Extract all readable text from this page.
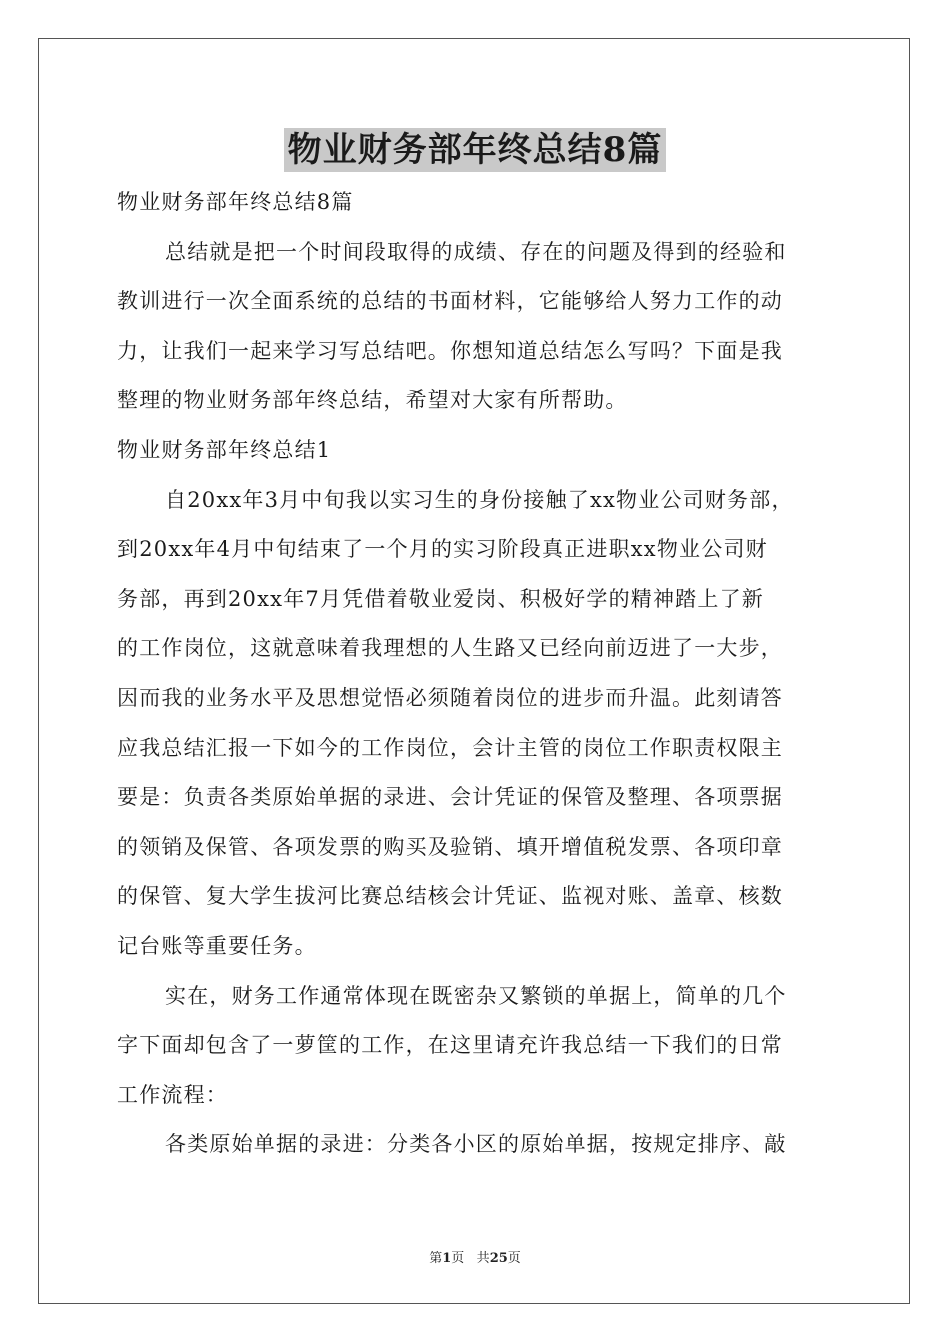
物业财务部年终总结8篇
物业财务部年终总结8篇
总结就是把一个时间段取得的成绩、存在的问题及得到的经验和
教训进行一次全面系统的总结的书面材料，它能够给人努力工作的动
力，让我们一起来学习写总结吧。你想知道总结怎么写吗？下面是我
整理的物业财务部年终总结，希望对大家有所帮助。
物业财务部年终总结1
自20xx年3月中旬我以实习生的身份接触了xx物业公司财务部，
到20xx年4月中旬结束了一个月的实习阶段真正进职xx物业公司财
务部，再到20xx年7月凭借着敬业爱岗、积极好学的精神踏上了新
的工作岗位，这就意味着我理想的人生路又已经向前迈进了一大步，
因而我的业务水平及思想觉悟必须随着岗位的进步而升温。此刻请答
应我总结汇报一下如今的工作岗位，会计主管的岗位工作职责权限主
要是：负责各类原始单据的录进、会计凭证的保管及整理、各项票据
的领销及保管、各项发票的购买及验销、填开增值税发票、各项印章
的保管、复大学生拔河比赛总结核会计凭证、监视对账、盖章、核数
记台账等重要任务。
实在，财务工作通常体现在既密杂又繁锁的单据上，简单的几个
字下面却包含了一萝筐的工作，在这里请充许我总结一下我们的日常
工作流程：
各类原始单据的录进：分类各小区的原始单据，按规定排序、敲
第1页 共25页
